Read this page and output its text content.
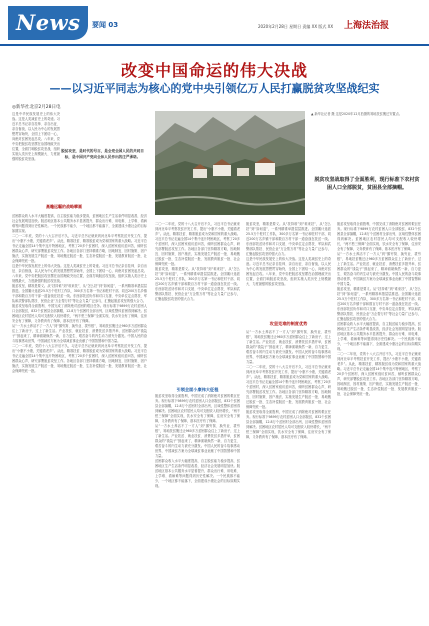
News 要闻 03	2020年2月28日 星期日 责编 XX 版式 XX 上海法治报
改变中国命运的伟大决战
——以习近平同志为核心的党中央引领亿万人民打赢脱贫攻坚战纪实
◎新华社北京2月28日电
这是中华民族发展史上的伟大决战。这是人类减贫史上的奇迹。习近平总书记亲自挂帅、亲自出征、亲自督战，以人民为中心的发展思想贯穿始终，全国上下团结一心，向绝对贫困发起总攻。八年来，党中央把脱贫攻坚摆在治国理政突出位置，全面打响脱贫攻坚战，组织实施人类历史上规模最大、力度最强的脱贫攻坚战。
脱贫攻坚，是时代的号召，是全党全国人民的共同目标，是中国共产党向全体人民作出的庄严承诺。
高瞻远瞩的战略擘画
贫困群众收入水平大幅度提高，自主脱贫能力稳步提高，贫困地区生产生活条件明显改善，经济社会发展明显加快。脱贫地区基本公共服务水平显著提升，群众出行难、用电难、上学难、看病难等问题得到历史性解决。一个民族都不能少，一个地区都不能落下，全面建成小康社会的目标如期实现。
二〇一二年底，党的十八大召开后不久，习近平总书记就来到河北阜平考察扶贫开发工作，提出“小康不小康，关键看老乡”。从此，精准扶贫、精准脱贫成为党和国家的重大战略。习近平总书记走遍全国14个集中连片特困地区，考察了20多个贫困村，深入贫困家庭访贫问苦，倾听贫困群众心声，研究部署脱贫攻坚工作。各地区各部门坚持精准方略，因地制宜、因村施策、因户施法，实施发展生产脱贫一批、易地搬迁脱贫一批、生态补偿脱贫一批、发展教育脱贫一批、社会保障兜底一批。
这是中华民族发展史上的伟大决战。这是人类减贫史上的奇迹。习近平总书记亲自挂帅、亲自出征、亲自督战，以人民为中心的发展思想贯穿始终，全国上下团结一心，向绝对贫困发起总攻。八年来，党中央把脱贫攻坚摆在治国理政突出位置，全面打响脱贫攻坚战，组织实施人类历史上规模最大、力度最强的脱贫攻坚战。
脱贫攻坚，精准是要义。从“扶持谁”到“谁来扶”，从“怎么扶”到“如何退”，一系列精准举措层层推进。全国累计选派25.5万个驻村工作队、300多万名第一书记和驻村干部，同近200万名乡镇干部和数百万村干部一道奋战在扶贫一线。东西部扶贫协作和对口支援、中央单位定点帮扶、军队和武警部队帮扶、民营企业“万企帮万村”等社会力量广泛参与，汇聚起脱贫攻坚的强大合力。
脱贫攻坚取得全面胜利，中国完成了消除绝对贫困的艰巨任务。现行标准下9899万农村贫困人口全部脱贫，832个贫困县全部摘帽，12.8万个贫困村全部出列，区域性整体贫困得到解决。贫困地区农村居民人均可支配收入较快增长，“两不愁三保障”全面实现，饮水安全有了保障，住房安全有了保障，义务教育有了保障，基本医疗有了保障。
从“一方水土养活不了一方人”到“挪穷窝、换穷业、拔穷根”，易地扶贫搬迁让960多万贫困群众住上了新房子，过上了新生活。产业扶贫、就业扶贫、消费扶贫多措并举，贫困群众的“钱袋子”鼓起来了，精神面貌焕然一新，自力更生、艰苦奋斗的内生动力被充分激发。中国人民的奋斗故事感动世界，中国减贫方案为全球减贫事业贡献了中国智慧和中国力量。
二〇一二年底，党的十八大召开后不久，习近平总书记就来到河北阜平考察扶贫开发工作，提出“小康不小康，关键看老乡”。从此，精准扶贫、精准脱贫成为党和国家的重大战略。习近平总书记走遍全国14个集中连片特困地区，考察了20多个贫困村，深入贫困家庭访贫问苦，倾听贫困群众心声，研究部署脱贫攻坚工作。各地区各部门坚持精准方略，因地制宜、因村施策、因户施法，实施发展生产脱贫一批、易地搬迁脱贫一批、生态补偿脱贫一批、发展教育脱贫一批、社会保障兜底一批。
▲ 新华社记者 摄 这是2020年12月拍摄的易地扶贫搬迁安置点。
脱贫攻坚战取得了全面胜利，现行标准下农村贫困人口全部脱贫，贫困县全部摘帽。
二〇一二年底，党的十八大召开后不久，习近平总书记就来到河北阜平考察扶贫开发工作，提出“小康不小康，关键看老乡”。从此，精准扶贫、精准脱贫成为党和国家的重大战略。习近平总书记走遍全国14个集中连片特困地区，考察了20多个贫困村，深入贫困家庭访贫问苦，倾听贫困群众心声，研究部署脱贫攻坚工作。各地区各部门坚持精准方略，因地制宜、因村施策、因户施法，实施发展生产脱贫一批、易地搬迁脱贫一批、生态补偿脱贫一批、发展教育脱贫一批、社会保障兜底一批。
脱贫攻坚，精准是要义。从“扶持谁”到“谁来扶”，从“怎么扶”到“如何退”，一系列精准举措层层推进。全国累计选派25.5万个驻村工作队、300多万名第一书记和驻村干部，同近200万名乡镇干部和数百万村干部一道奋战在扶贫一线。东西部扶贫协作和对口支援、中央单位定点帮扶、军队和武警部队帮扶、民营企业“万企帮万村”等社会力量广泛参与，汇聚起脱贫攻坚的强大合力。
引领全面小康伟大征程
脱贫攻坚取得全面胜利，中国完成了消除绝对贫困的艰巨任务。现行标准下9899万农村贫困人口全部脱贫，832个贫困县全部摘帽，12.8万个贫困村全部出列，区域性整体贫困得到解决。贫困地区农村居民人均可支配收入较快增长，“两不愁三保障”全面实现，饮水安全有了保障，住房安全有了保障，义务教育有了保障，基本医疗有了保障。
从“一方水土养活不了一方人”到“挪穷窝、换穷业、拔穷根”，易地扶贫搬迁让960多万贫困群众住上了新房子，过上了新生活。产业扶贫、就业扶贫、消费扶贫多措并举，贫困群众的“钱袋子”鼓起来了，精神面貌焕然一新，自力更生、艰苦奋斗的内生动力被充分激发。中国人民的奋斗故事感动世界，中国减贫方案为全球减贫事业贡献了中国智慧和中国力量。
贫困群众收入水平大幅度提高，自主脱贫能力稳步提高，贫困地区生产生活条件明显改善，经济社会发展明显加快。脱贫地区基本公共服务水平显著提升，群众出行难、用电难、上学难、看病难等问题得到历史性解决。一个民族都不能少，一个地区都不能落下，全面建成小康社会的目标如期实现。
脱贫攻坚，精准是要义。从“扶持谁”到“谁来扶”，从“怎么扶”到“如何退”，一系列精准举措层层推进。全国累计选派25.5万个驻村工作队、300多万名第一书记和驻村干部，同近200万名乡镇干部和数百万村干部一道奋战在扶贫一线。东西部扶贫协作和对口支援、中央单位定点帮扶、军队和武警部队帮扶、民营企业“万企帮万村”等社会力量广泛参与，汇聚起脱贫攻坚的强大合力。
这是中华民族发展史上的伟大决战。这是人类减贫史上的奇迹。习近平总书记亲自挂帅、亲自出征、亲自督战，以人民为中心的发展思想贯穿始终，全国上下团结一心，向绝对贫困发起总攻。八年来，党中央把脱贫攻坚摆在治国理政突出位置，全面打响脱贫攻坚战，组织实施人类历史上规模最大、力度最强的脱贫攻坚战。
攻坚克难的制度优势
从“一方水土养活不了一方人”到“挪穷窝、换穷业、拔穷根”，易地扶贫搬迁让960多万贫困群众住上了新房子，过上了新生活。产业扶贫、就业扶贫、消费扶贫多措并举，贫困群众的“钱袋子”鼓起来了，精神面貌焕然一新，自力更生、艰苦奋斗的内生动力被充分激发。中国人民的奋斗故事感动世界，中国减贫方案为全球减贫事业贡献了中国智慧和中国力量。
二〇一二年底，党的十八大召开后不久，习近平总书记就来到河北阜平考察扶贫开发工作，提出“小康不小康，关键看老乡”。从此，精准扶贫、精准脱贫成为党和国家的重大战略。习近平总书记走遍全国14个集中连片特困地区，考察了20多个贫困村，深入贫困家庭访贫问苦，倾听贫困群众心声，研究部署脱贫攻坚工作。各地区各部门坚持精准方略，因地制宜、因村施策、因户施法，实施发展生产脱贫一批、易地搬迁脱贫一批、生态补偿脱贫一批、发展教育脱贫一批、社会保障兜底一批。
脱贫攻坚取得全面胜利，中国完成了消除绝对贫困的艰巨任务。现行标准下9899万农村贫困人口全部脱贫，832个贫困县全部摘帽，12.8万个贫困村全部出列，区域性整体贫困得到解决。贫困地区农村居民人均可支配收入较快增长，“两不愁三保障”全面实现，饮水安全有了保障，住房安全有了保障，义务教育有了保障，基本医疗有了保障。
脱贫攻坚取得全面胜利，中国完成了消除绝对贫困的艰巨任务。现行标准下9899万农村贫困人口全部脱贫，832个贫困县全部摘帽，12.8万个贫困村全部出列，区域性整体贫困得到解决。贫困地区农村居民人均可支配收入较快增长，“两不愁三保障”全面实现，饮水安全有了保障，住房安全有了保障，义务教育有了保障，基本医疗有了保障。
从“一方水土养活不了一方人”到“挪穷窝、换穷业、拔穷根”，易地扶贫搬迁让960多万贫困群众住上了新房子，过上了新生活。产业扶贫、就业扶贫、消费扶贫多措并举，贫困群众的“钱袋子”鼓起来了，精神面貌焕然一新，自力更生、艰苦奋斗的内生动力被充分激发。中国人民的奋斗故事感动世界，中国减贫方案为全球减贫事业贡献了中国智慧和中国力量。
脱贫攻坚，精准是要义。从“扶持谁”到“谁来扶”，从“怎么扶”到“如何退”，一系列精准举措层层推进。全国累计选派25.5万个驻村工作队、300多万名第一书记和驻村干部，同近200万名乡镇干部和数百万村干部一道奋战在扶贫一线。东西部扶贫协作和对口支援、中央单位定点帮扶、军队和武警部队帮扶、民营企业“万企帮万村”等社会力量广泛参与，汇聚起脱贫攻坚的强大合力。
贫困群众收入水平大幅度提高，自主脱贫能力稳步提高，贫困地区生产生活条件明显改善，经济社会发展明显加快。脱贫地区基本公共服务水平显著提升，群众出行难、用电难、上学难、看病难等问题得到历史性解决。一个民族都不能少，一个地区都不能落下，全面建成小康社会的目标如期实现。
二〇一二年底，党的十八大召开后不久，习近平总书记就来到河北阜平考察扶贫开发工作，提出“小康不小康，关键看老乡”。从此，精准扶贫、精准脱贫成为党和国家的重大战略。习近平总书记走遍全国14个集中连片特困地区，考察了20多个贫困村，深入贫困家庭访贫问苦，倾听贫困群众心声，研究部署脱贫攻坚工作。各地区各部门坚持精准方略，因地制宜、因村施策、因户施法，实施发展生产脱贫一批、易地搬迁脱贫一批、生态补偿脱贫一批、发展教育脱贫一批、社会保障兜底一批。
